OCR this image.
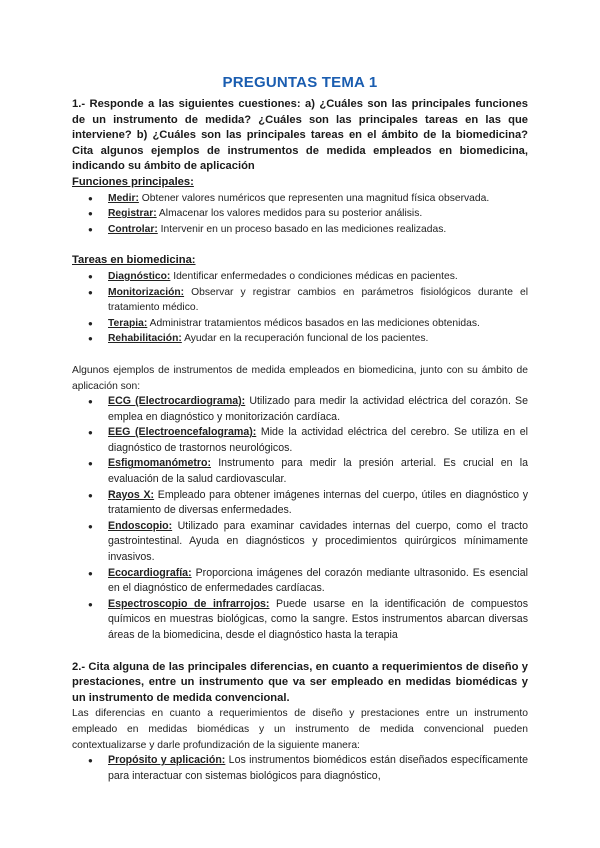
PREGUNTAS TEMA 1

1.- Responde a las siguientes cuestiones: a) ¿Cuáles son las principales funciones de un instrumento de medida? ¿Cuáles son las principales tareas en las que interviene? b) ¿Cuáles son las principales tareas en el ámbito de la biomedicina? Cita algunos ejemplos de instrumentos de medida empleados en biomedicina, indicando su ámbito de aplicación

Funciones principales:

● Medir: Obtener valores numéricos que representen una magnitud física observada.
● Registrar: Almacenar los valores medidos para su posterior análisis.
● Controlar: Intervenir en un proceso basado en las mediciones realizadas.

Tareas en biomedicina:

● Diagnóstico: Identificar enfermedades o condiciones médicas en pacientes.
● Monitorización: Observar y registrar cambios en parámetros fisiológicos durante el tratamiento médico.
● Terapia: Administrar tratamientos médicos basados en las mediciones obtenidas.
● Rehabilitación: Ayudar en la recuperación funcional de los pacientes.

Algunos ejemplos de instrumentos de medida empleados en biomedicina, junto con su ámbito de aplicación son:

● ECG (Electrocardiograma): Utilizado para medir la actividad eléctrica del corazón. Se emplea en diagnóstico y monitorización cardíaca.
● EEG (Electroencefalograma): Mide la actividad eléctrica del cerebro. Se utiliza en el diagnóstico de trastornos neurológicos.
● Esfigmomanómetro: Instrumento para medir la presión arterial. Es crucial en la evaluación de la salud cardiovascular.
● Rayos X: Empleado para obtener imágenes internas del cuerpo, útiles en diagnóstico y tratamiento de diversas enfermedades.
● Endoscopio: Utilizado para examinar cavidades internas del cuerpo, como el tracto gastrointestinal. Ayuda en diagnósticos y procedimientos quirúrgicos mínimamente invasivos.
● Ecocardiografía: Proporciona imágenes del corazón mediante ultrasonido. Es esencial en el diagnóstico de enfermedades cardíacas.
● Espectroscopio de infrarrojos: Puede usarse en la identificación de compuestos químicos en muestras biológicas, como la sangre. Estos instrumentos abarcan diversas áreas de la biomedicina, desde el diagnóstico hasta la terapia

2.- Cita alguna de las principales diferencias, en cuanto a requerimientos de diseño y prestaciones, entre un instrumento que va ser empleado en medidas biomédicas y un instrumento de medida convencional.

Las diferencias en cuanto a requerimientos de diseño y prestaciones entre un instrumento empleado en medidas biomédicas y un instrumento de medida convencional pueden contextualizarse y darle profundización de la siguiente manera:

● Propósito y aplicación: Los instrumentos biomédicos están diseñados específicamente para interactuar con sistemas biológicos para diagnóstico,
